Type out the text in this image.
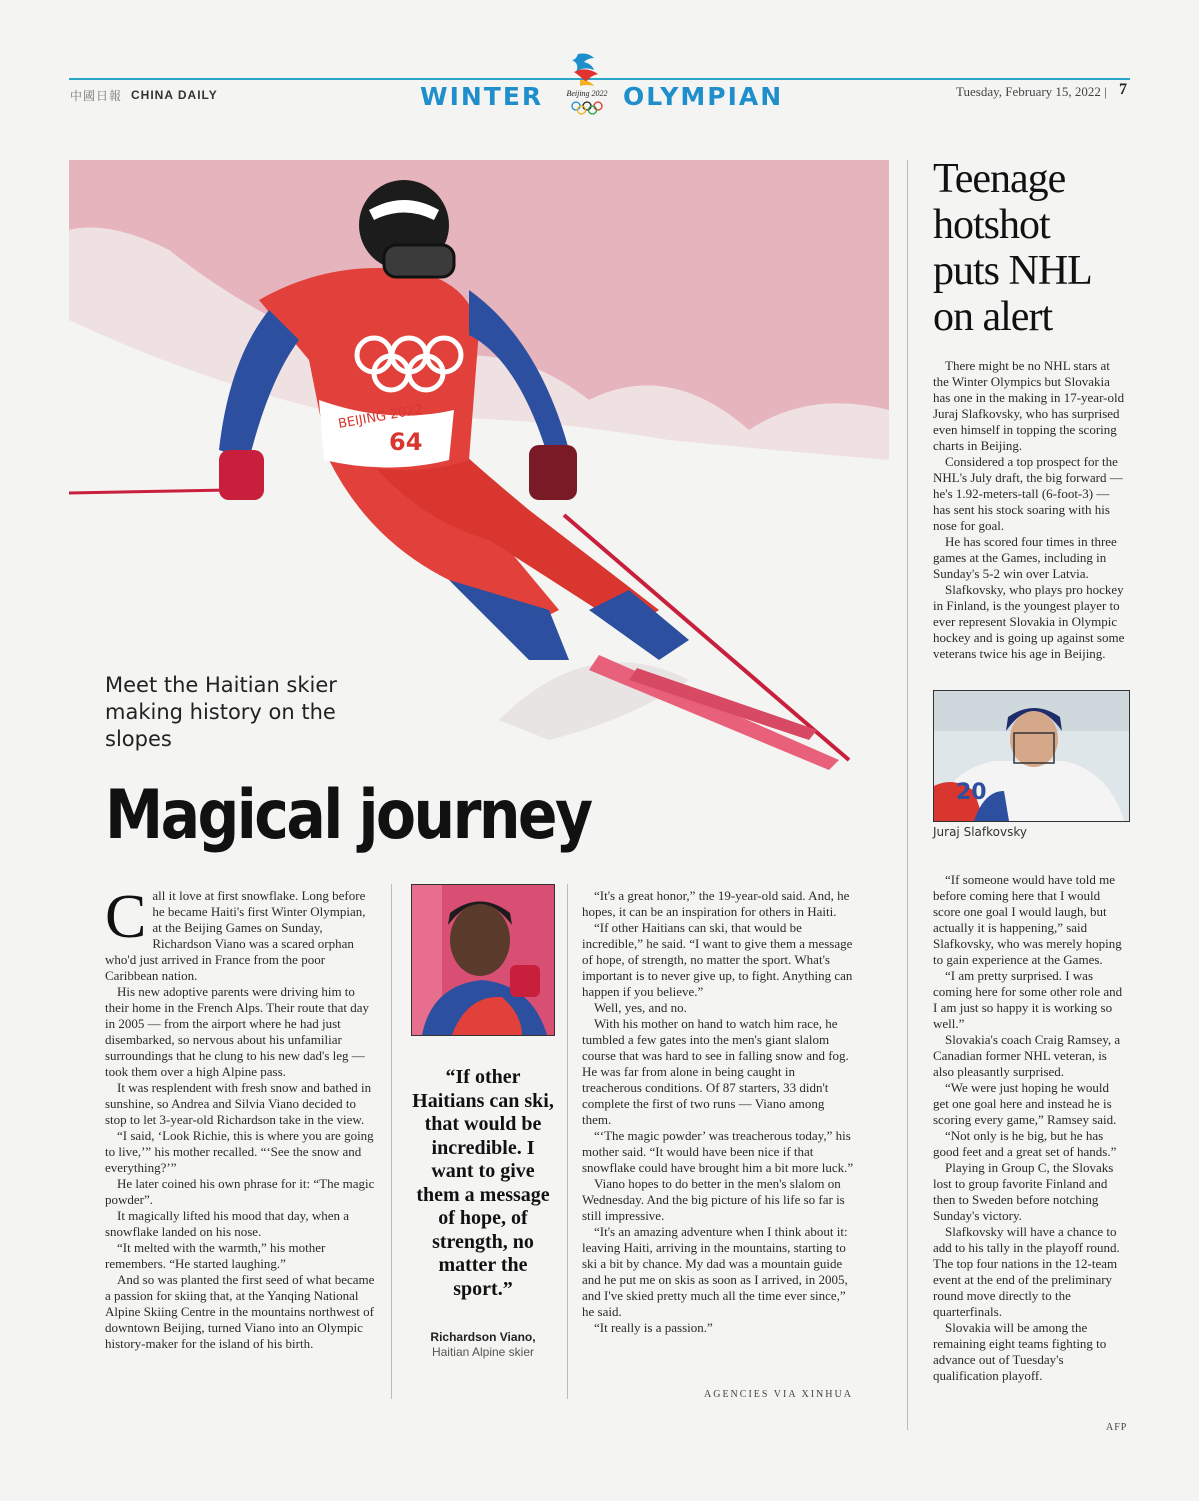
中國日報 CHINA DAILY	WINTER	Beijing 2022 OLYMPIAN	Tuesday, February 15, 2022 | 7
64
BEIJING 2022
Meet the Haitian skier making history on the slopes
Magical journey
C all it love at first snowflake. Long before he became Haiti's first Winter Olympian, at the Beijing Games on Sunday, Richardson Viano was a scared orphan who'd just arrived in France from the poor Caribbean nation.

His new adoptive parents were driving him to their home in the French Alps. Their route that day in 2005 — from the airport where he had just disembarked, so nervous about his unfamiliar surroundings that he clung to his new dad's leg — took them over a high Alpine pass.

It was resplendent with fresh snow and bathed in sunshine, so Andrea and Silvia Viano decided to stop to let 3-year-old Richardson take in the view.

“I said, ‘Look Richie, this is where you are going to live,’” his mother recalled. “‘See the snow and everything?’”

He later coined his own phrase for it: “The magic powder”.

It magically lifted his mood that day, when a snowflake landed on his nose.

“It melted with the warmth,” his mother remembers. “He started laughing.”

And so was planted the first seed of what became a passion for skiing that, at the Yanqing National Alpine Skiing Centre in the mountains northwest of downtown Beijing, turned Viano into an Olympic history-maker for the island of his birth.

“If other Haitians can ski, that would be incredible. I want to give them a message of hope, of strength, no matter the sport.”
Richardson Viano,
Haitian Alpine skier

“It's a great honor,” the 19-year-old said. And, he hopes, it can be an inspiration for others in Haiti.

“If other Haitians can ski, that would be incredible,” he said. “I want to give them a message of hope, of strength, no matter the sport. What's important is to never give up, to fight. Anything can happen if you believe.”

Well, yes, and no.

With his mother on hand to watch him race, he tumbled a few gates into the men's giant slalom course that was hard to see in falling snow and fog. He was far from alone in being caught in treacherous conditions. Of 87 starters, 33 didn't complete the first of two runs — Viano among them.

“‘The magic powder’ was treacherous today,” his mother said. “It would have been nice if that snowflake could have brought him a bit more luck.”

Viano hopes to do better in the men's slalom on Wednesday. And the big picture of his life so far is still impressive.

“It's an amazing adventure when I think about it: leaving Haiti, arriving in the mountains, starting to ski a bit by chance. My dad was a mountain guide and he put me on skis as soon as I arrived, in 2005, and I've skied pretty much all the time ever since,” he said.

“It really is a passion.”

AGENCIES VIA XINHUA
Teenage hotshot puts NHL on alert

There might be no NHL stars at the Winter Olympics but Slovakia has one in the making in 17-year-old Juraj Slafkovsky, who has surprised even himself in topping the scoring charts in Beijing.

Considered a top prospect for the NHL's July draft, the big forward — he's 1.92-meters-tall (6-foot-3) — has sent his stock soaring with his nose for goal.

He has scored four times in three games at the Games, including in Sunday's 5-2 win over Latvia.

Slafkovsky, who plays pro hockey in Finland, is the youngest player to ever represent Slovakia in Olympic hockey and is going up against some veterans twice his age in Beijing.

20
Juraj Slafkovsky

“If someone would have told me before coming here that I would score one goal I would laugh, but actually it is happening,” said Slafkovsky, who was merely hoping to gain experience at the Games.

“I am pretty surprised. I was coming here for some other role and I am just so happy it is working so well.”

Slovakia's coach Craig Ramsey, a Canadian former NHL veteran, is also pleasantly surprised.

“We were just hoping he would get one goal here and instead he is scoring every game,” Ramsey said.

“Not only is he big, but he has good feet and a great set of hands.”

Playing in Group C, the Slovaks lost to group favorite Finland and then to Sweden before notching Sunday's victory.

Slafkovsky will have a chance to add to his tally in the playoff round. The top four nations in the 12-team event at the end of the preliminary round move directly to the quarterfinals.

Slovakia will be among the remaining eight teams fighting to advance out of Tuesday's qualification playoff.

AFP
